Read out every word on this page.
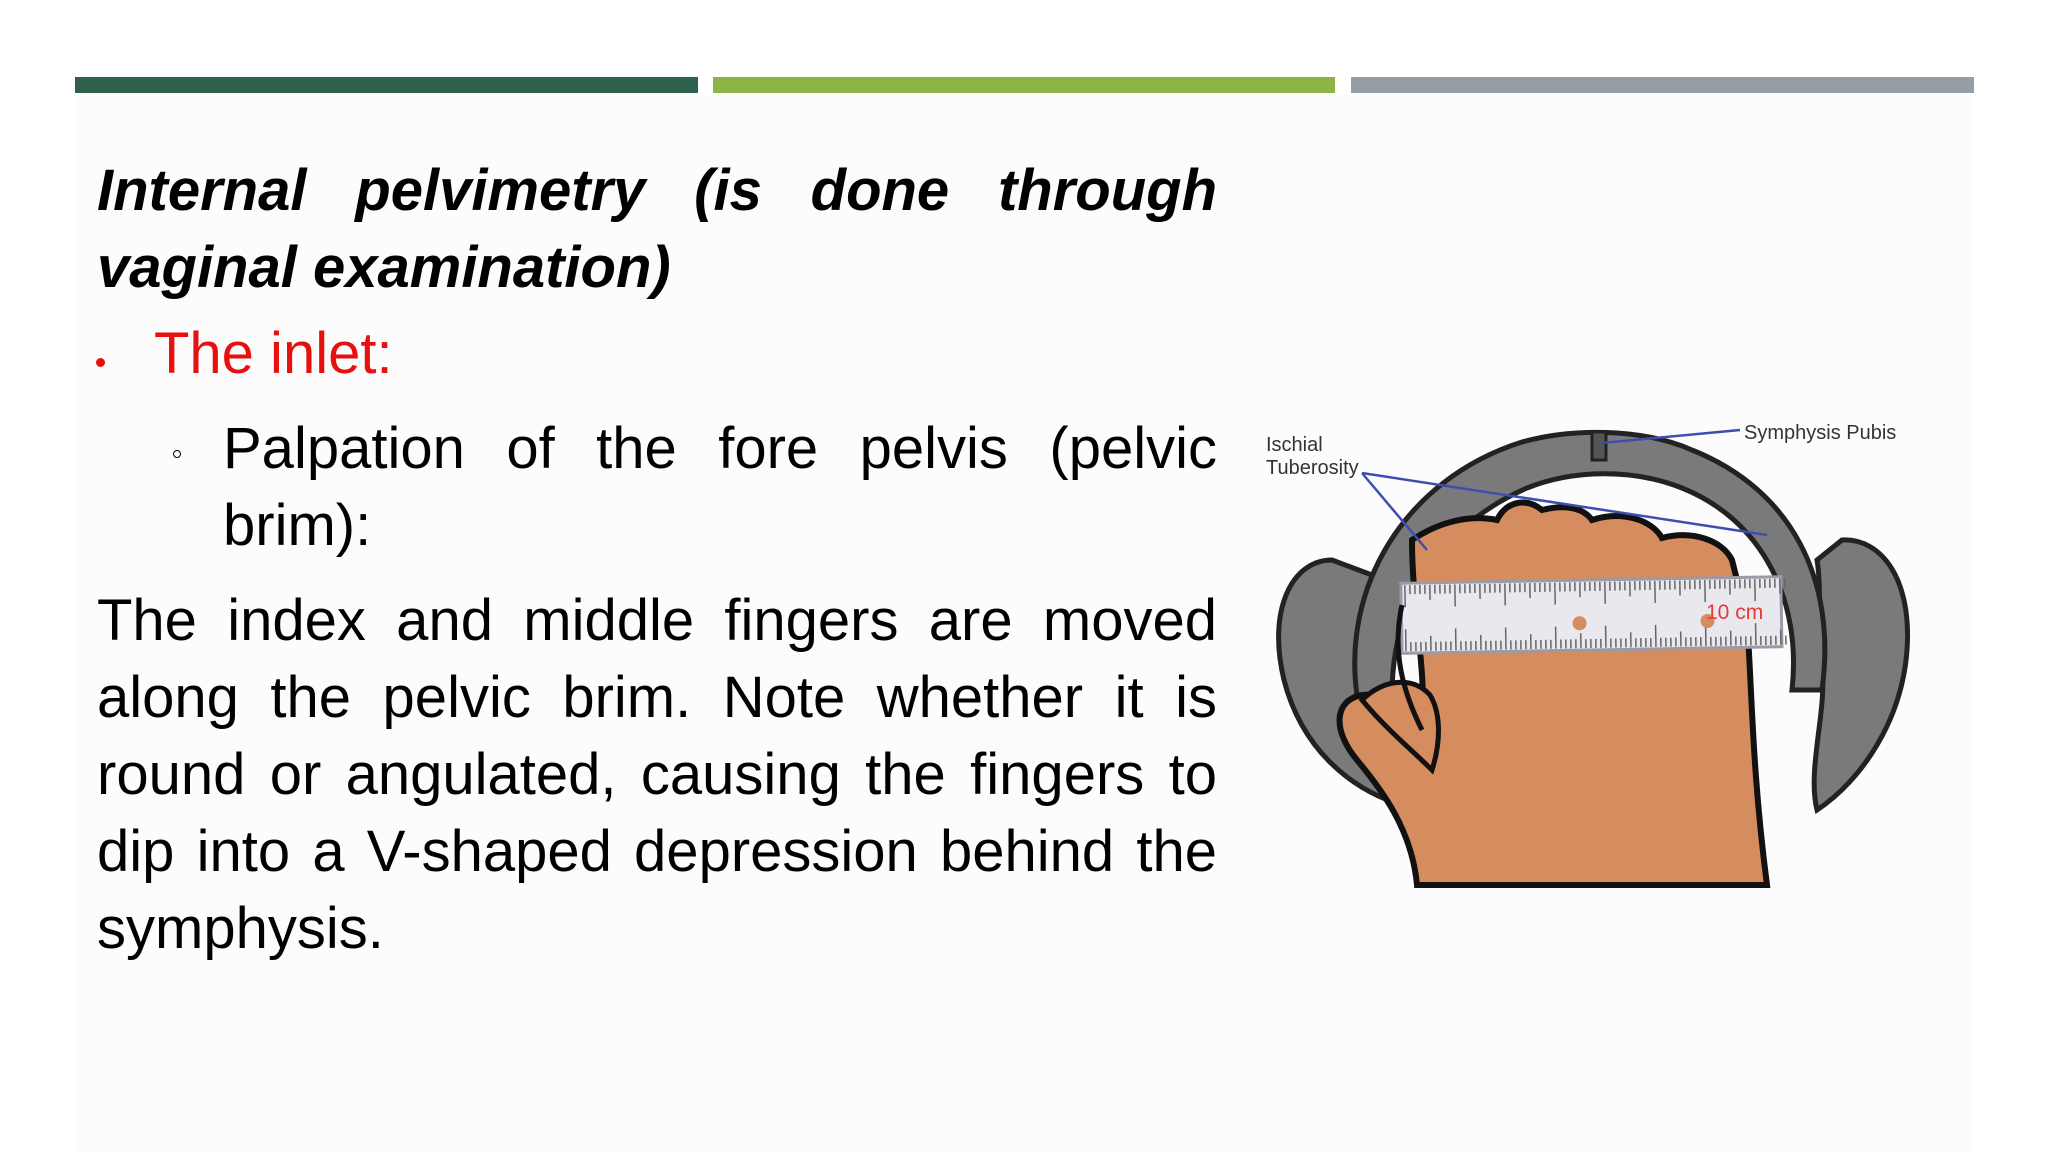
Internal pelvimetry (is done through vaginal examination)

The inlet:
Palpation of the fore pelvis (pelvic brim):

The index and middle fingers are moved along the pelvic brim. Note whether it is round or angulated, causing the fingers to dip into a V-shaped depression behind the symphysis.

Ischial
Tuberosity
Symphysis Pubis
10 cm
